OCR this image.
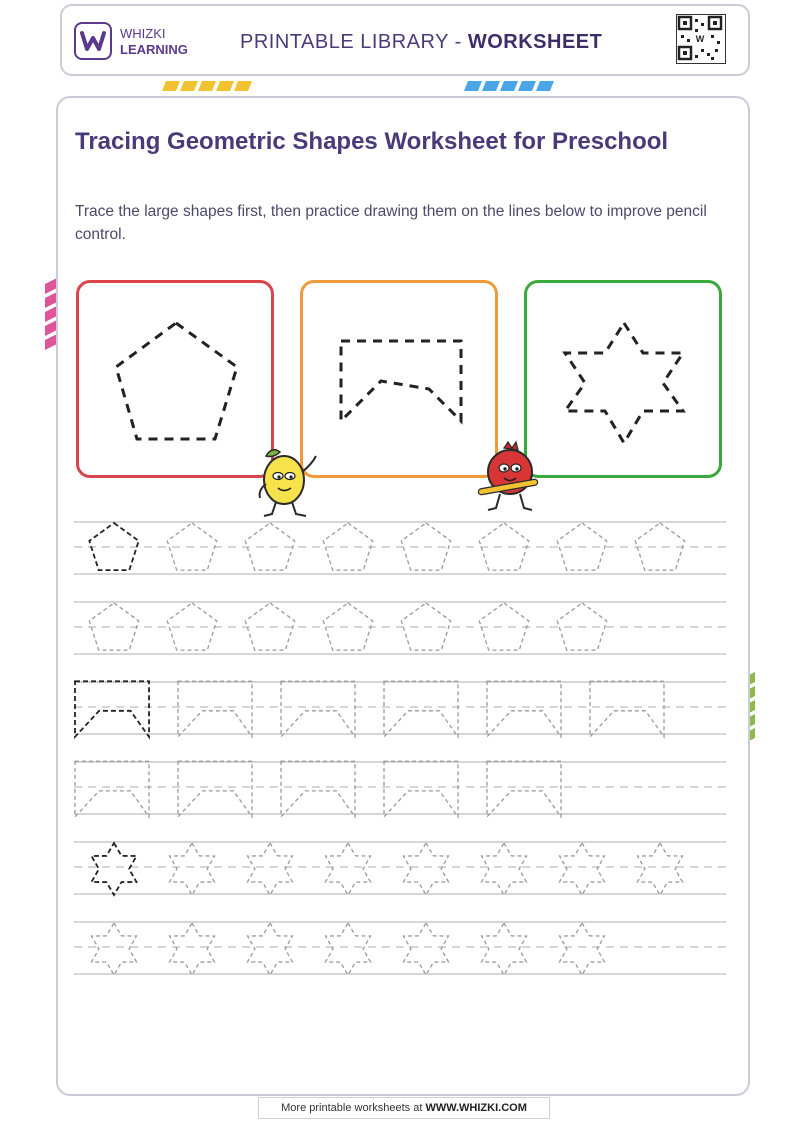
WHIZKI
LEARNING	PRINTABLE LIBRARY - WORKSHEET	W
Tracing Geometric Shapes Worksheet for Preschool
Trace the large shapes first, then practice drawing them on the lines below to improve pencil control.
More printable worksheets at WWW.WHIZKI.COM
